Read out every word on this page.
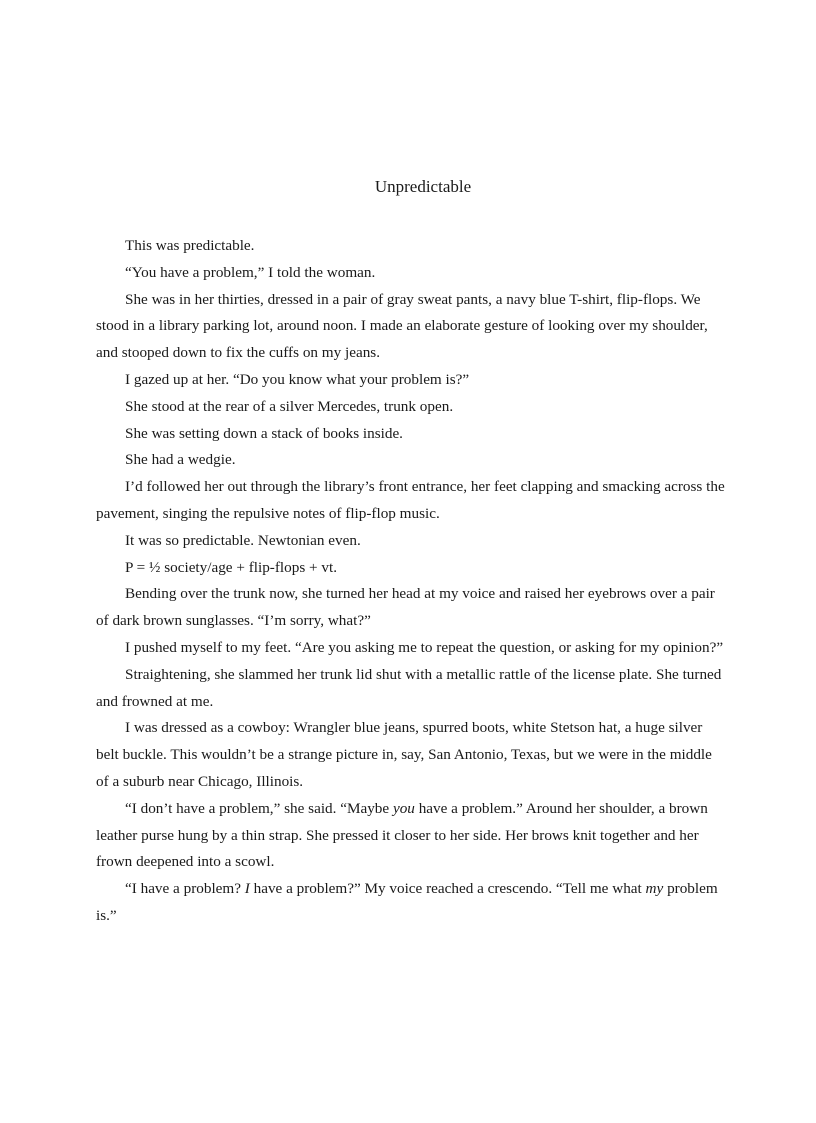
Unpredictable

This was predictable.

“You have a problem,” I told the woman.

She was in her thirties, dressed in a pair of gray sweat pants, a navy blue T-shirt, flip-flops. We stood in a library parking lot, around noon. I made an elaborate gesture of looking over my shoulder, and stooped down to fix the cuffs on my jeans.

I gazed up at her. “Do you know what your problem is?”

She stood at the rear of a silver Mercedes, trunk open.

She was setting down a stack of books inside.

She had a wedgie.

I’d followed her out through the library’s front entrance, her feet clapping and smacking across the pavement, singing the repulsive notes of flip-flop music.

It was so predictable. Newtonian even.

P = ½ society/age + flip-flops + vt.

Bending over the trunk now, she turned her head at my voice and raised her eyebrows over a pair of dark brown sunglasses. “I’m sorry, what?”

I pushed myself to my feet. “Are you asking me to repeat the question, or asking for my opinion?”

Straightening, she slammed her trunk lid shut with a metallic rattle of the license plate. She turned and frowned at me.

I was dressed as a cowboy: Wrangler blue jeans, spurred boots, white Stetson hat, a huge silver belt buckle. This wouldn’t be a strange picture in, say, San Antonio, Texas, but we were in the middle of a suburb near Chicago, Illinois.

“I don’t have a problem,” she said. “Maybe you have a problem.” Around her shoulder, a brown leather purse hung by a thin strap. She pressed it closer to her side. Her brows knit together and her frown deepened into a scowl.

“I have a problem? I have a problem?” My voice reached a crescendo. “Tell me what my problem is.”
